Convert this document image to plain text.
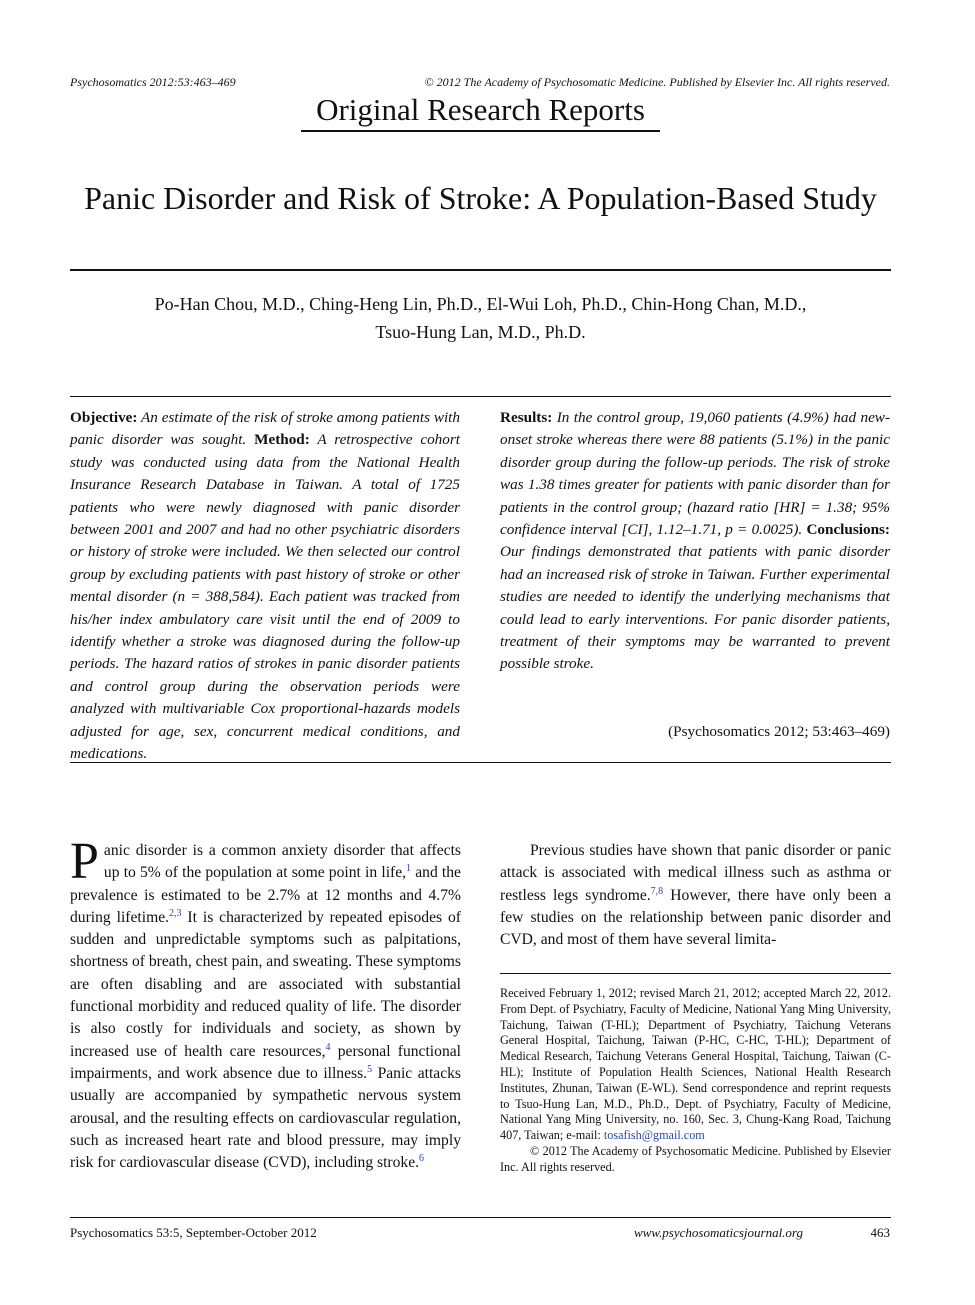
Psychosomatics 2012:53:463–469	© 2012 The Academy of Psychosomatic Medicine. Published by Elsevier Inc. All rights reserved.
Original Research Reports
Panic Disorder and Risk of Stroke: A Population-Based Study
Po-Han Chou, M.D., Ching-Heng Lin, Ph.D., El-Wui Loh, Ph.D., Chin-Hong Chan, M.D.,
Tsuo-Hung Lan, M.D., Ph.D.
Objective: An estimate of the risk of stroke among patients with panic disorder was sought. Method: A retrospective cohort study was conducted using data from the National Health Insurance Research Database in Taiwan. A total of 1725 patients who were newly diagnosed with panic disorder between 2001 and 2007 and had no other psychiatric disorders or history of stroke were included. We then selected our control group by excluding patients with past history of stroke or other mental disorder (n = 388,584). Each patient was tracked from his/her index ambulatory care visit until the end of 2009 to identify whether a stroke was diagnosed during the follow-up periods. The hazard ratios of strokes in panic disorder patients and control group during the observation periods were analyzed with multivariable Cox proportional-hazards models adjusted for age, sex, concurrent medical conditions, and medications.
Results: In the control group, 19,060 patients (4.9%) had new-onset stroke whereas there were 88 patients (5.1%) in the panic disorder group during the follow-up periods. The risk of stroke was 1.38 times greater for patients with panic disorder than for patients in the control group; (hazard ratio [HR] = 1.38; 95% confidence interval [CI], 1.12–1.71, p = 0.0025). Conclusions: Our findings demonstrated that patients with panic disorder had an increased risk of stroke in Taiwan. Further experimental studies are needed to identify the underlying mechanisms that could lead to early interventions. For panic disorder patients, treatment of their symptoms may be warranted to prevent possible stroke.
(Psychosomatics 2012; 53:463–469)
Panic disorder is a common anxiety disorder that affects up to 5% of the population at some point in life,$^1$ and the prevalence is estimated to be 2.7% at 12 months and 4.7% during lifetime.$^{2,3}$ It is characterized by repeated episodes of sudden and unpredictable symptoms such as palpitations, shortness of breath, chest pain, and sweating. These symptoms are often disabling and are associated with substantial functional morbidity and reduced quality of life. The disorder is also costly for individuals and society, as shown by increased use of health care resources,$^4$ personal functional impairments, and work absence due to illness.$^5$ Panic attacks usually are accompanied by sympathetic nervous system arousal, and the resulting effects on cardiovascular regulation, such as increased heart rate and blood pressure, may imply risk for cardiovascular disease (CVD), including stroke.$^6$
Previous studies have shown that panic disorder or panic attack is associated with medical illness such as asthma or restless legs syndrome.$^{7,8}$ However, there have only been a few studies on the relationship between panic disorder and CVD, and most of them have several limita-
Received February 1, 2012; revised March 21, 2012; accepted March 22, 2012. From Dept. of Psychiatry, Faculty of Medicine, National Yang Ming University, Taichung, Taiwan (T-HL); Department of Psychiatry, Taichung Veterans General Hospital, Taichung, Taiwan (P-HC, C-HC, T-HL); Department of Medical Research, Taichung Veterans General Hospital, Taichung, Taiwan (C-HL); Institute of Population Health Sciences, National Health Research Institutes, Zhunan, Taiwan (E-WL). Send correspondence and reprint requests to Tsuo-Hung Lan, M.D., Ph.D., Dept. of Psychiatry, Faculty of Medicine, National Yang Ming University, no. 160, Sec. 3, Chung-Kang Road, Taichung 407, Taiwan; e-mail: tosafish@gmail.com
© 2012 The Academy of Psychosomatic Medicine. Published by Elsevier Inc. All rights reserved.
Psychosomatics 53:5, September-October 2012	www.psychosomaticsjournal.org	463
